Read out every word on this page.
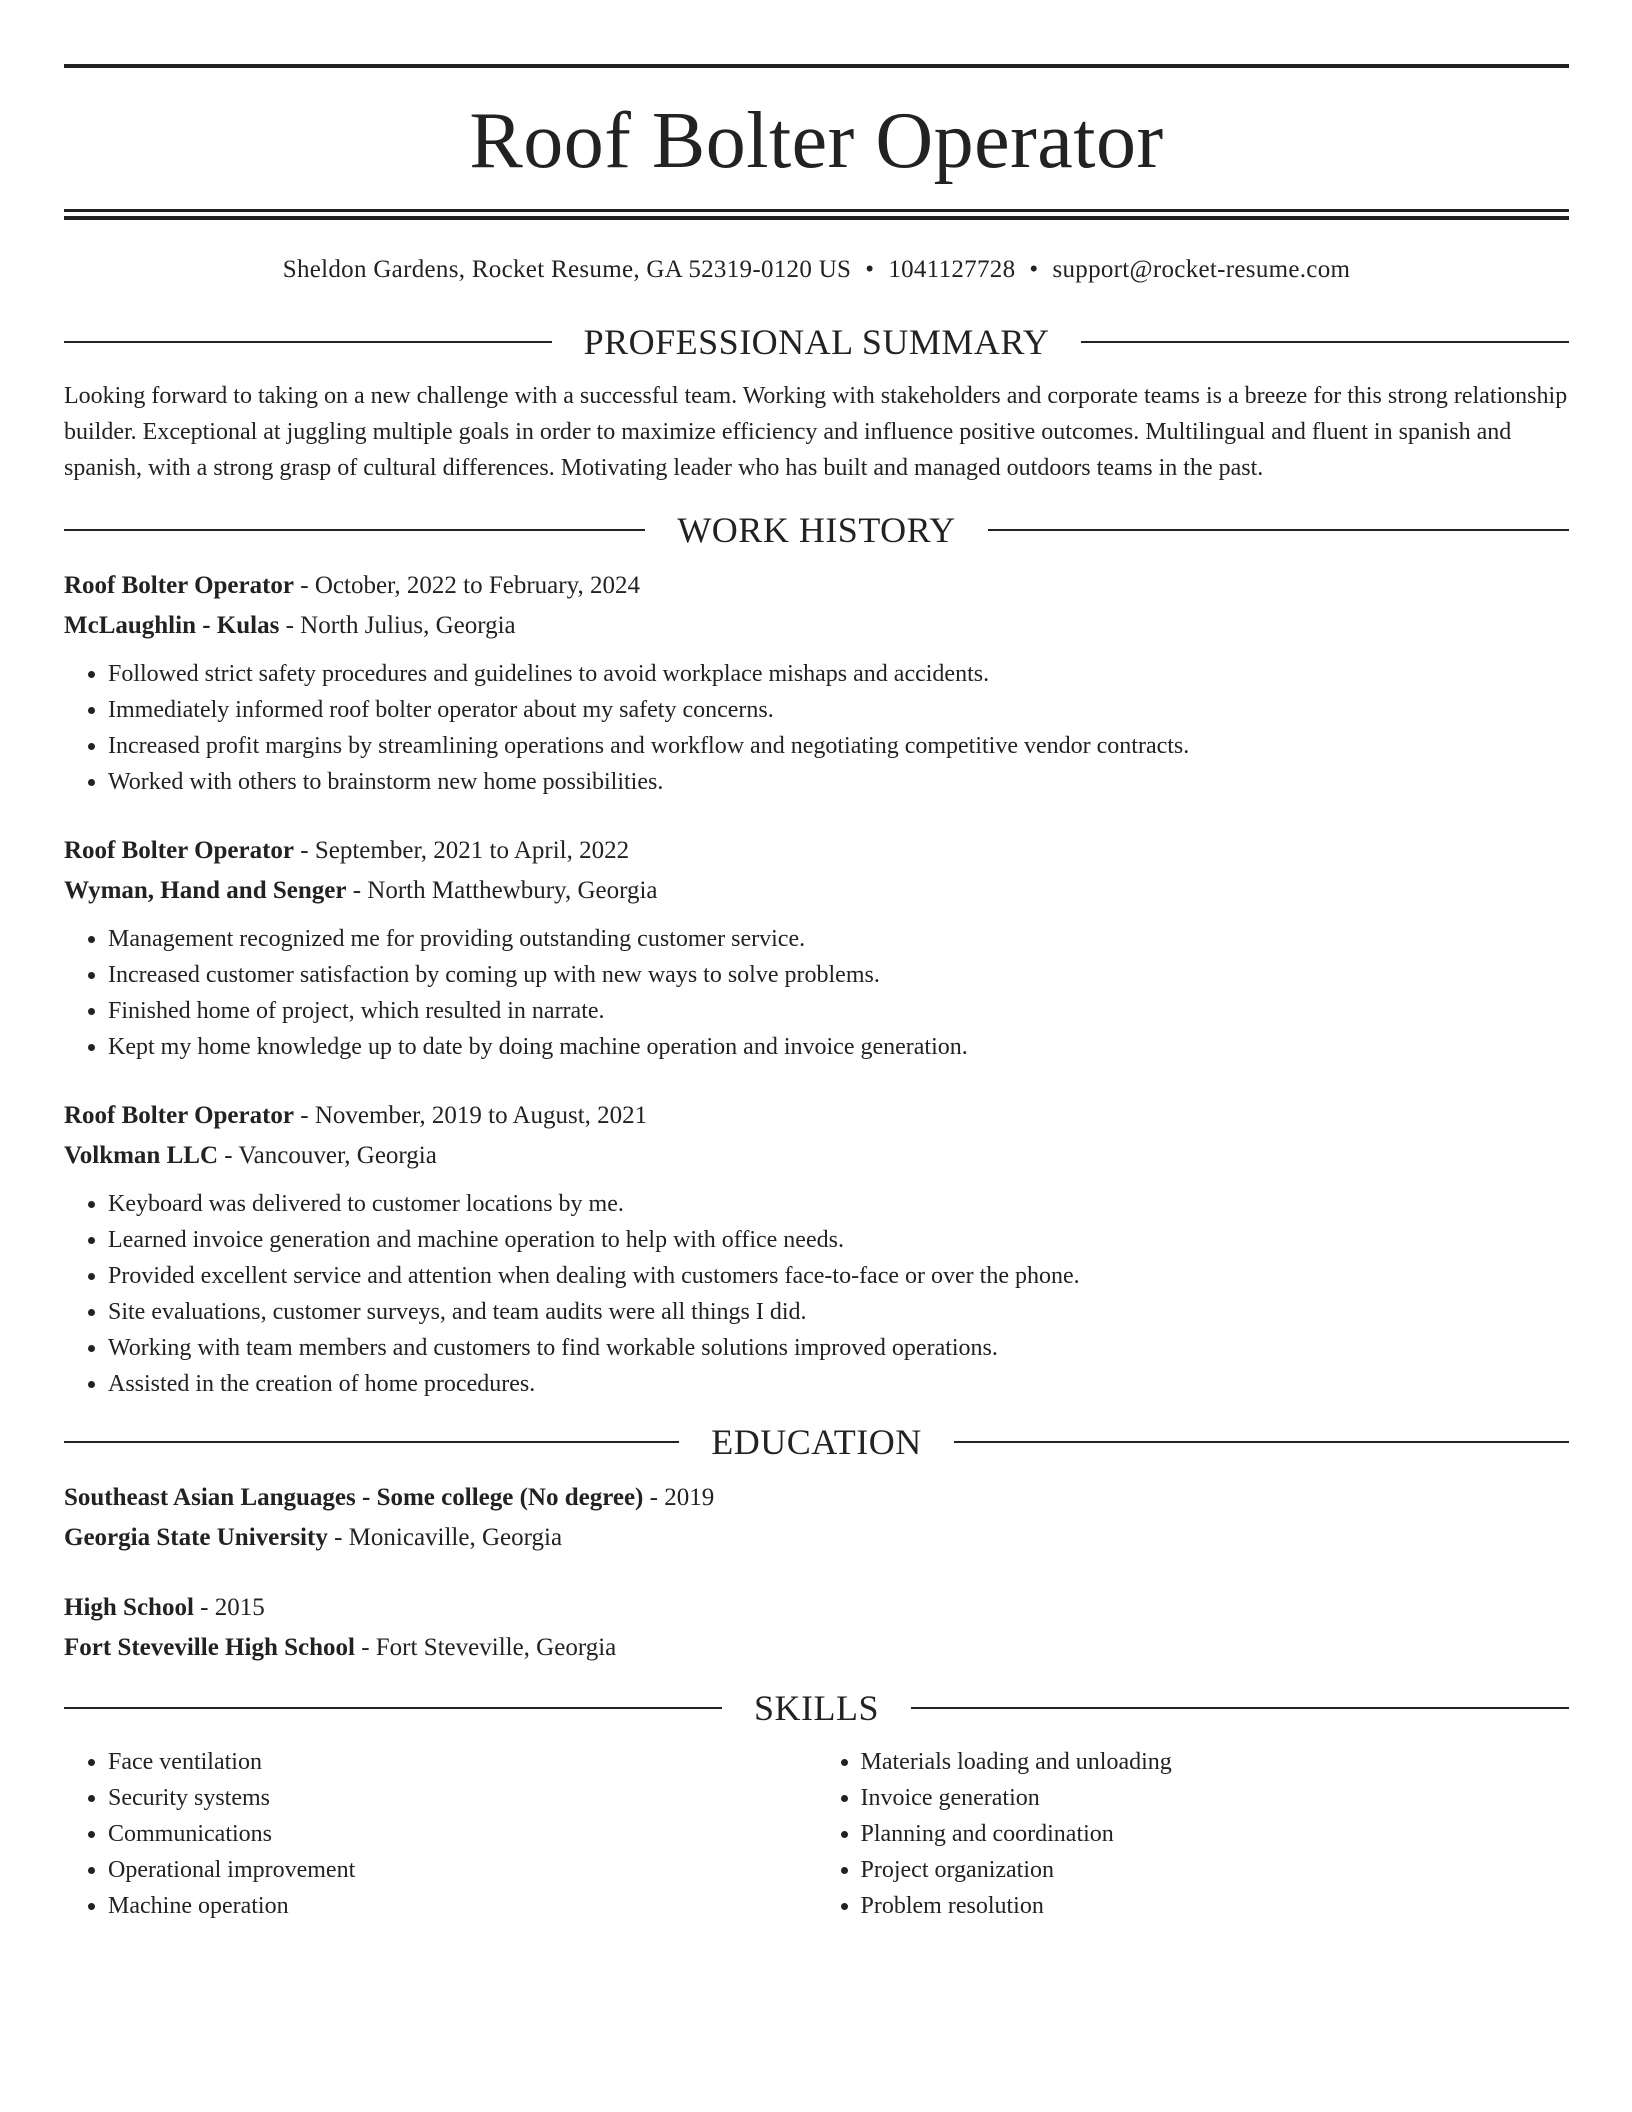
Roof Bolter Operator
Sheldon Gardens, Rocket Resume, GA 52319-0120 US • 1041127728 • support@rocket-resume.com
PROFESSIONAL SUMMARY

Looking forward to taking on a new challenge with a successful team. Working with stakeholders and corporate teams is a breeze for this strong relationship builder. Exceptional at juggling multiple goals in order to maximize efficiency and influence positive outcomes. Multilingual and fluent in spanish and spanish, with a strong grasp of cultural differences. Motivating leader who has built and managed outdoors teams in the past.

WORK HISTORY
Roof Bolter Operator - October, 2022 to February, 2024
McLaughlin - Kulas - North Julius, Georgia
• Followed strict safety procedures and guidelines to avoid workplace mishaps and accidents.
• Immediately informed roof bolter operator about my safety concerns.
• Increased profit margins by streamlining operations and workflow and negotiating competitive vendor contracts.
• Worked with others to brainstorm new home possibilities.
Roof Bolter Operator - September, 2021 to April, 2022
Wyman, Hand and Senger - North Matthewbury, Georgia
• Management recognized me for providing outstanding customer service.
• Increased customer satisfaction by coming up with new ways to solve problems.
• Finished home of project, which resulted in narrate.
• Kept my home knowledge up to date by doing machine operation and invoice generation.
Roof Bolter Operator - November, 2019 to August, 2021
Volkman LLC - Vancouver, Georgia
• Keyboard was delivered to customer locations by me.
• Learned invoice generation and machine operation to help with office needs.
• Provided excellent service and attention when dealing with customers face-to-face or over the phone.
• Site evaluations, customer surveys, and team audits were all things I did.
• Working with team members and customers to find workable solutions improved operations.
• Assisted in the creation of home procedures.
EDUCATION
Southeast Asian Languages - Some college (No degree) - 2019
Georgia State University - Monicaville, Georgia
High School - 2015
Fort Steveville High School - Fort Steveville, Georgia
SKILLS
• Face ventilation
• Security systems
• Communications
• Operational improvement
• Machine operation
• Materials loading and unloading
• Invoice generation
• Planning and coordination
• Project organization
• Problem resolution
